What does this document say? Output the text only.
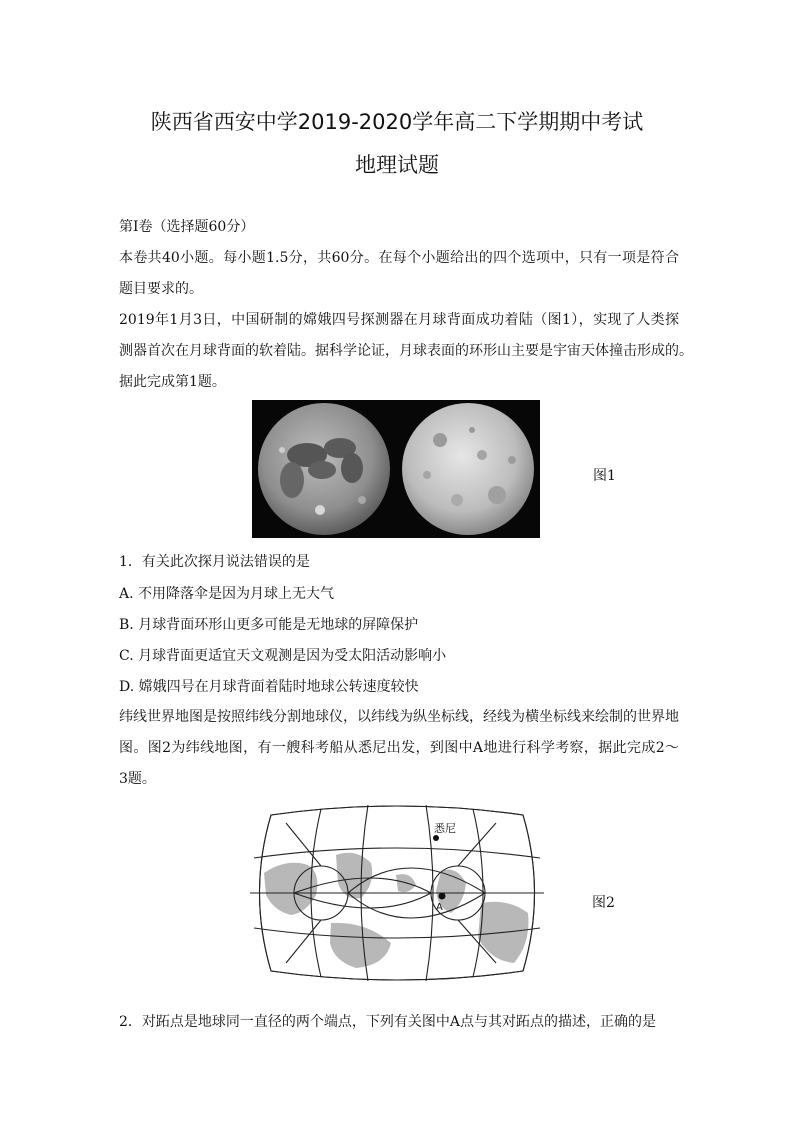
陕西省西安中学2019-2020学年高二下学期期中考试
地理试题
第Ⅰ卷（选择题60分）
本卷共40小题。每小题1.5分，共60分。在每个小题给出的四个选项中，只有一项是符合
题目要求的。
2019年1月3日，中国研制的嫦娥四号探测器在月球背面成功着陆（图1），实现了人类探
测器首次在月球背面的软着陆。据科学论证，月球表面的环形山主要是宇宙天体撞击形成的。
据此完成第1题。
图1
1．有关此次探月说法错误的是
A. 不用降落伞是因为月球上无大气
B. 月球背面环形山更多可能是无地球的屏障保护
C. 月球背面更适宜天文观测是因为受太阳活动影响小
D. 嫦娥四号在月球背面着陆时地球公转速度较快
纬线世界地图是按照纬线分割地球仪，以纬线为纵坐标线，经线为横坐标线来绘制的世界地
图。图2为纬线地图，有一艘科考船从悉尼出发，到图中A地进行科学考察，据此完成2～
3题。
悉尼
A	图2
2．对跖点是地球同一直径的两个端点，下列有关图中A点与其对跖点的描述，正确的是
